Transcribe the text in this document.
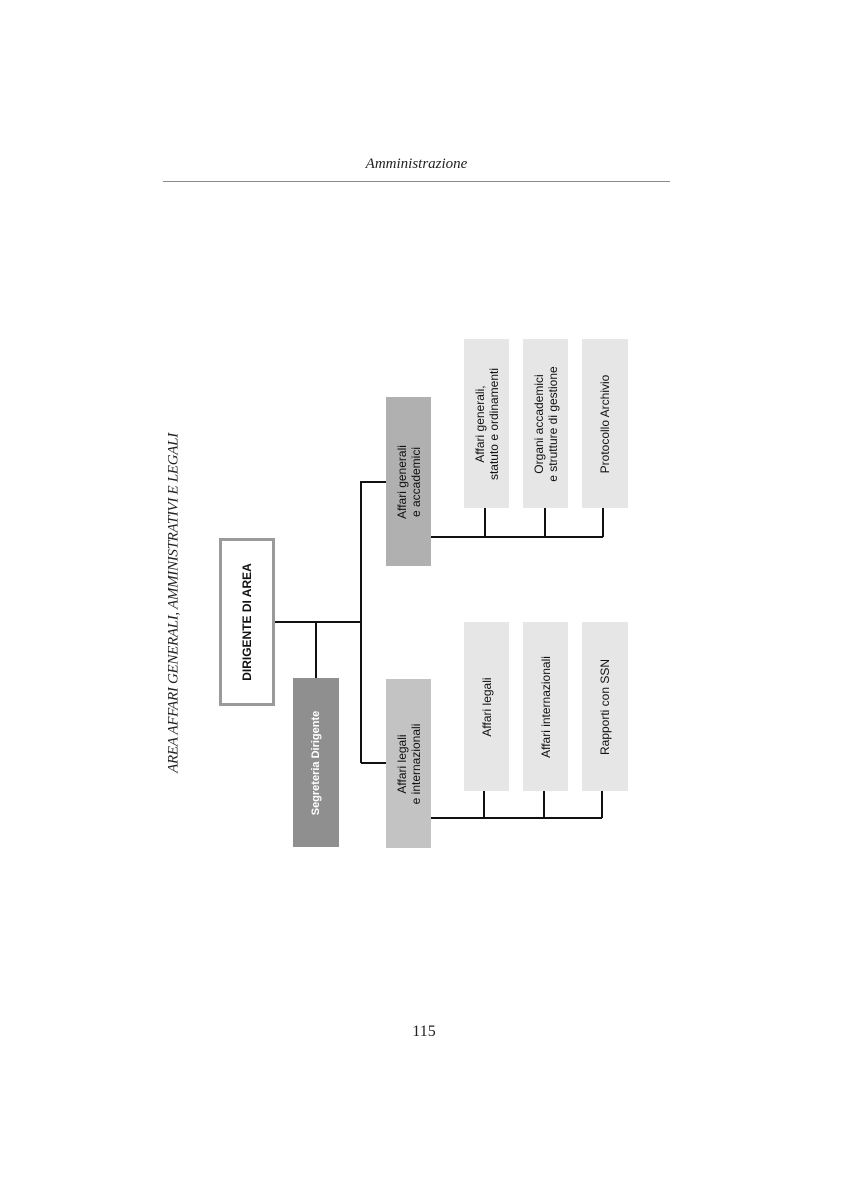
Amministrazione
AREA AFFARI GENERALI, AMMINISTRATIVI E LEGALI	DIRIGENTE DI AREA
Segreteria Dirigente
Affari generali e accademici
Affari legali e internazionali
Affari generali, statuto e ordinamenti	Organi accademici e strutture di gestione	Protocollo Archivio
Affari legali	Affari internazionali	Rapporti con SSN
115
